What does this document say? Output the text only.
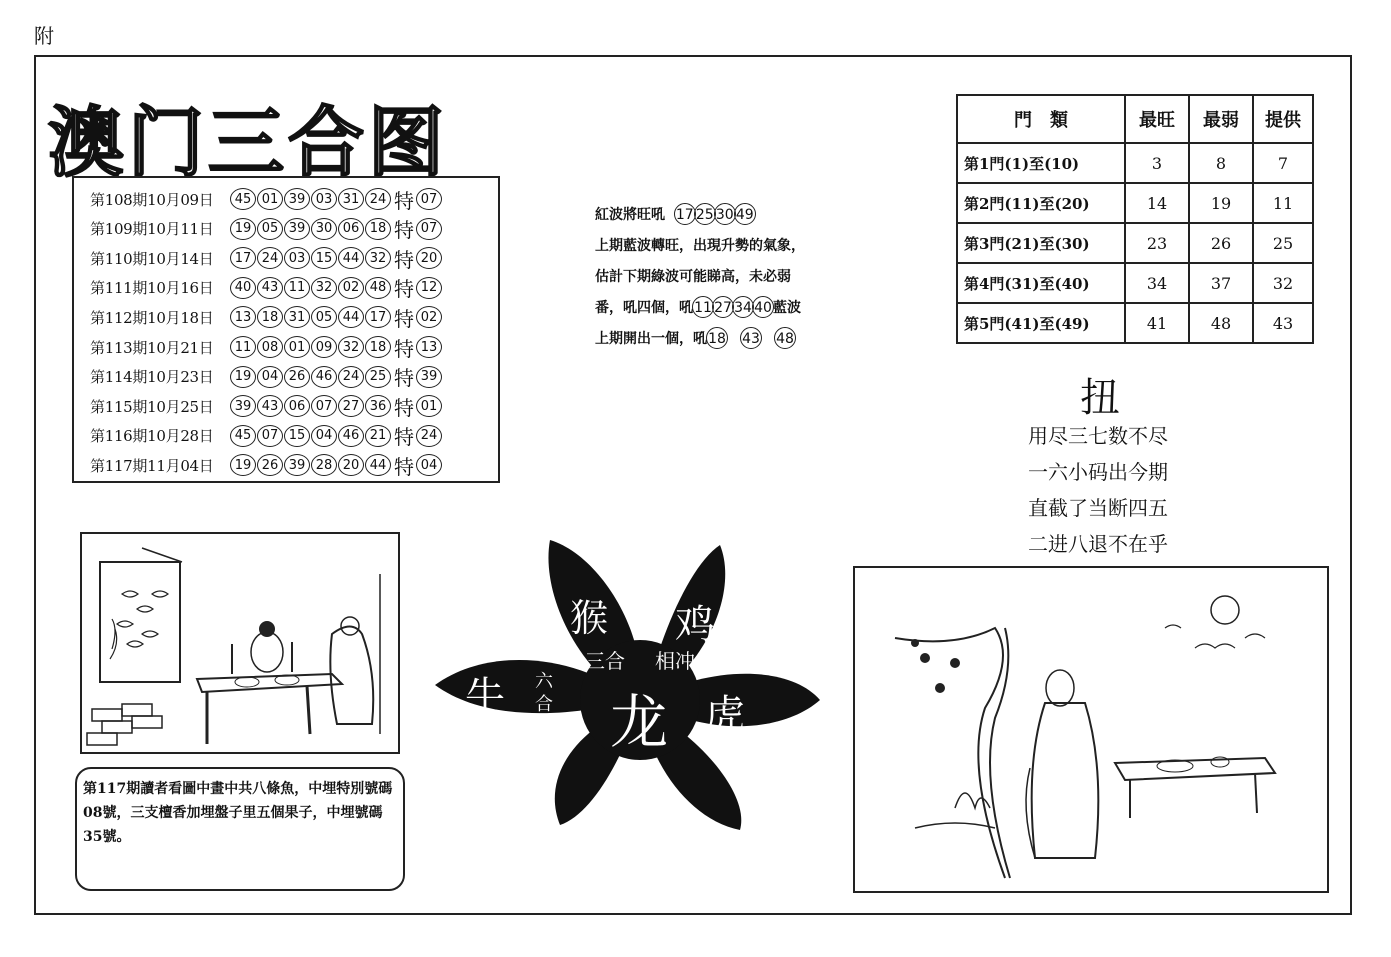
附
澳门三合图
第108期10月09日	45 01 39 03 31 24 特 07
第109期10月11日	19 05 39 30 06 18 特 07
第110期10月14日	17 24 03 15 44 32 特 20
第111期10月16日	40 43 11 32 02 48 特 12
第112期10月18日	13 18 31 05 44 17 特 02
第113期10月21日	11 08 01 09 32 18 特 13
第114期10月23日	19 04 26 46 24 25 特 39
第115期10月25日	39 43 06 07 27 36 特 01
第116期10月28日	45 07 15 04 46 21 特 24
第117期11月04日	19 26 39 28 20 44 特 04
紅波將旺吼 17 25 30 49
上期藍波轉旺，出現升勢的氣象，
估計下期綠波可能睇高，未必弱
番，吼四個，吼11 27 34 40藍波
上期開出一個，吼18  43  48 
門　類	最旺	最弱	提供
第1門(1)至(10)	3	8	7
第2門(11)至(20)	14	19	11
第3門(21)至(30)	23	26	25
第4門(31)至(40)	34	37	32
第5門(41)至(49)	41	48	43
扭
用尽三七数不尽
一六小码出今期
直截了当断四五
二进八退不在乎
第117期讀者看圖中畫中共八條魚，中埋特別號碼08號，三支檀香加埋盤子里五個果子，中埋號碼35號。
猴 鸡
三合 相冲
牛 六
合 龙 虎
